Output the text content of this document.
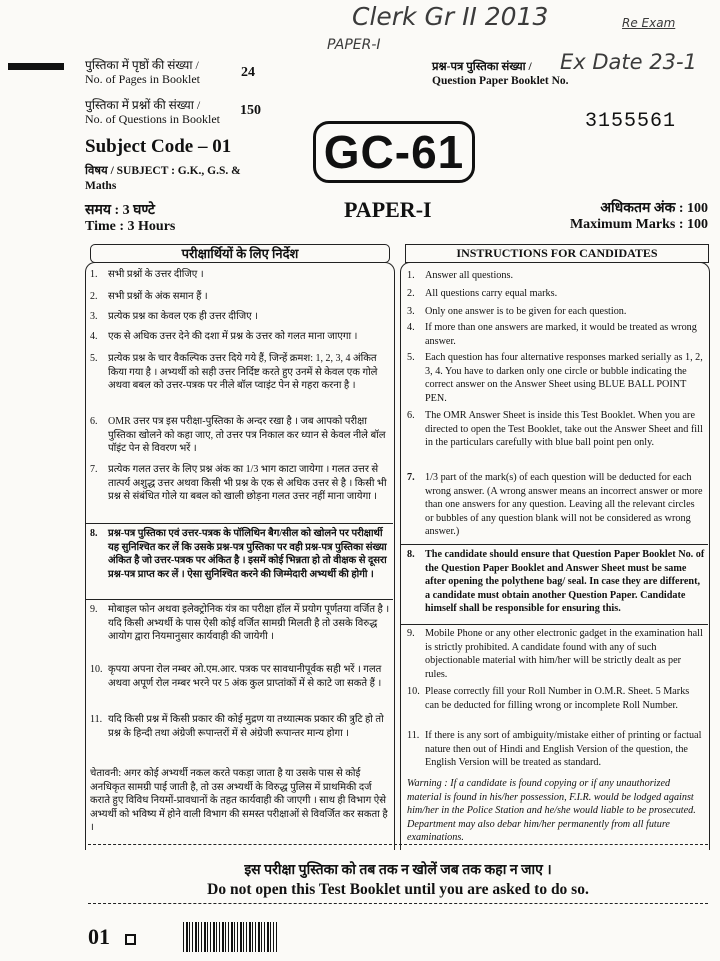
Clerk Gr II 2013
PAPER-I
Re Exam
Ex Date 23-1
पुस्तिका में पृष्ठों की संख्या /
No. of Pages in Booklet	24
पुस्तिका में प्रश्नों की संख्या /
No. of Questions in Booklet
150
Subject Code – 01
विषय / SUBJECT : G.K., G.S. &
Maths
समय : 3 घण्टे
Time : 3 Hours
प्रश्न-पत्र पुस्तिका संख्या /
Question Paper Booklet No.
3155561
GC-61
PAPER-I	अधिकतम अंक : 100
Maximum Marks : 100
परीक्षार्थियों के लिए निर्देश
1.	सभी प्रश्नों के उत्तर दीजिए ।
2.	सभी प्रश्नों के अंक समान हैं ।
3.	प्रत्येक प्रश्न का केवल एक ही उत्तर दीजिए ।
4.	एक से अधिक उत्तर देने की दशा में प्रश्न के उत्तर को गलत माना जाएगा ।
5.	प्रत्येक प्रश्न के चार वैकल्पिक उत्तर दिये गये हैं, जिन्हें क्रमश: 1, 2, 3, 4 अंकित किया गया है । अभ्यर्थी को सही उत्तर निर्दिष्ट करते हुए उनमें से केवल एक गोले अथवा बबल को उत्तर-पत्रक पर नीले बॉल प्वाइंट पेन से गहरा करना है ।
6.	OMR उत्तर पत्र इस परीक्षा-पुस्तिका के अन्दर रखा है । जब आपको परीक्षा पुस्तिका खोलने को कहा जाए, तो उत्तर पत्र निकाल कर ध्यान से केवल नीले बॉल पॉइंट पेन से विवरण भरें ।
7.	प्रत्येक गलत उत्तर के लिए प्रश्न अंक का 1/3 भाग काटा जायेगा । गलत उत्तर से तात्पर्य अशुद्ध उत्तर अथवा किसी भी प्रश्न के एक से अधिक उत्तर से है । किसी भी प्रश्न से संबंधित गोले या बबल को खाली छोड़ना गलत उत्तर नहीं माना जायेगा ।
8.	प्रश्न-पत्र पुस्तिका एवं उत्तर-पत्रक के पॉलिथिन बैग/सील को खोलने पर परीक्षार्थी यह सुनिश्चित कर लें कि उसके प्रश्न-पत्र पुस्तिका पर वही प्रश्न-पत्र पुस्तिका संख्या अंकित है जो उत्तर-पत्रक पर अंकित है । इसमें कोई भिन्नता हो तो वीक्षक से दूसरा प्रश्न-पत्र प्राप्त कर लें । ऐसा सुनिश्चित करने की जिम्मेदारी अभ्यर्थी की होगी ।
9.	मोबाइल फोन अथवा इलेक्ट्रोनिक यंत्र का परीक्षा हॉल में प्रयोग पूर्णतया वर्जित है । यदि किसी अभ्यर्थी के पास ऐसी कोई वर्जित सामग्री मिलती है तो उसके विरुद्ध आयोग द्वारा नियमानुसार कार्यवाही की जायेगी ।
10. कृपया अपना रोल नम्बर ओ.एम.आर. पत्रक पर सावधानीपूर्वक सही भरें । गलत अथवा अपूर्ण रोल नम्बर भरने पर 5 अंक कुल प्राप्तांकों में से काटे जा सकते हैं ।
11. यदि किसी प्रश्न में किसी प्रकार की कोई मुद्रण या तथ्यात्मक प्रकार की त्रुटि हो तो प्रश्न के हिन्दी तथा अंग्रेजी रूपान्तरों में से अंग्रेजी रूपान्तर मान्य होगा ।
चेतावनी: अगर कोई अभ्यर्थी नकल करते पकड़ा जाता है या उसके पास से कोई अनधिकृत सामग्री पाई जाती है, तो उस अभ्यर्थी के विरुद्ध पुलिस में प्राथमिकी दर्ज कराते हुए विविध नियमों-प्रावधानों के तहत कार्यवाही की जाएगी । साथ ही विभाग ऐसे अभ्यर्थी को भविष्य में होने वाली विभाग की समस्त परीक्षाओं से विवर्जित कर सकता है ।
INSTRUCTIONS FOR CANDIDATES
1.	Answer all questions.
2.	All questions carry equal marks.
3.	Only one answer is to be given for each question.
4.	If more than one answers are marked, it would be treated as wrong answer.
5.	Each question has four alternative responses marked serially as 1, 2, 3, 4. You have to darken only one circle or bubble indicating the correct answer on the Answer Sheet using BLUE BALL POINT PEN.
6.	The OMR Answer Sheet is inside this Test Booklet. When you are directed to open the Test Booklet, take out the Answer Sheet and fill in the particulars carefully with blue ball point pen only.
7.	1/3 part of the mark(s) of each question will be deducted for each wrong answer. (A wrong answer means an incorrect answer or more than one answers for any question. Leaving all the relevant circles or bubbles of any question blank will not be considered as wrong answer.)
8.	The candidate should ensure that Question Paper Booklet No. of the Question Paper Booklet and Answer Sheet must be same after opening the polythene bag/ seal. In case they are different, a candidate must obtain another Question Paper. Candidate himself shall be responsible for ensuring this.
9.	Mobile Phone or any other electronic gadget in the examination hall is strictly prohibited. A candidate found with any of such objectionable material with him/her will be strictly dealt as per rules.
10. Please correctly fill your Roll Number in O.M.R. Sheet. 5 Marks can be deducted for filling wrong or incomplete Roll Number.
11. If there is any sort of ambiguity/mistake either of printing or factual nature then out of Hindi and English Version of the question, the English Version will be treated as standard.
Warning : If a candidate is found copying or if any unauthorized material is found in his/her possession, F.I.R. would be lodged against him/her in the Police Station and he/she would liable to be prosecuted. Department may also debar him/her permanently from all future examinations.
इस परीक्षा पुस्तिका को तब तक न खोलें जब तक कहा न जाए ।
Do not open this Test Booklet until you are asked to do so.
01
